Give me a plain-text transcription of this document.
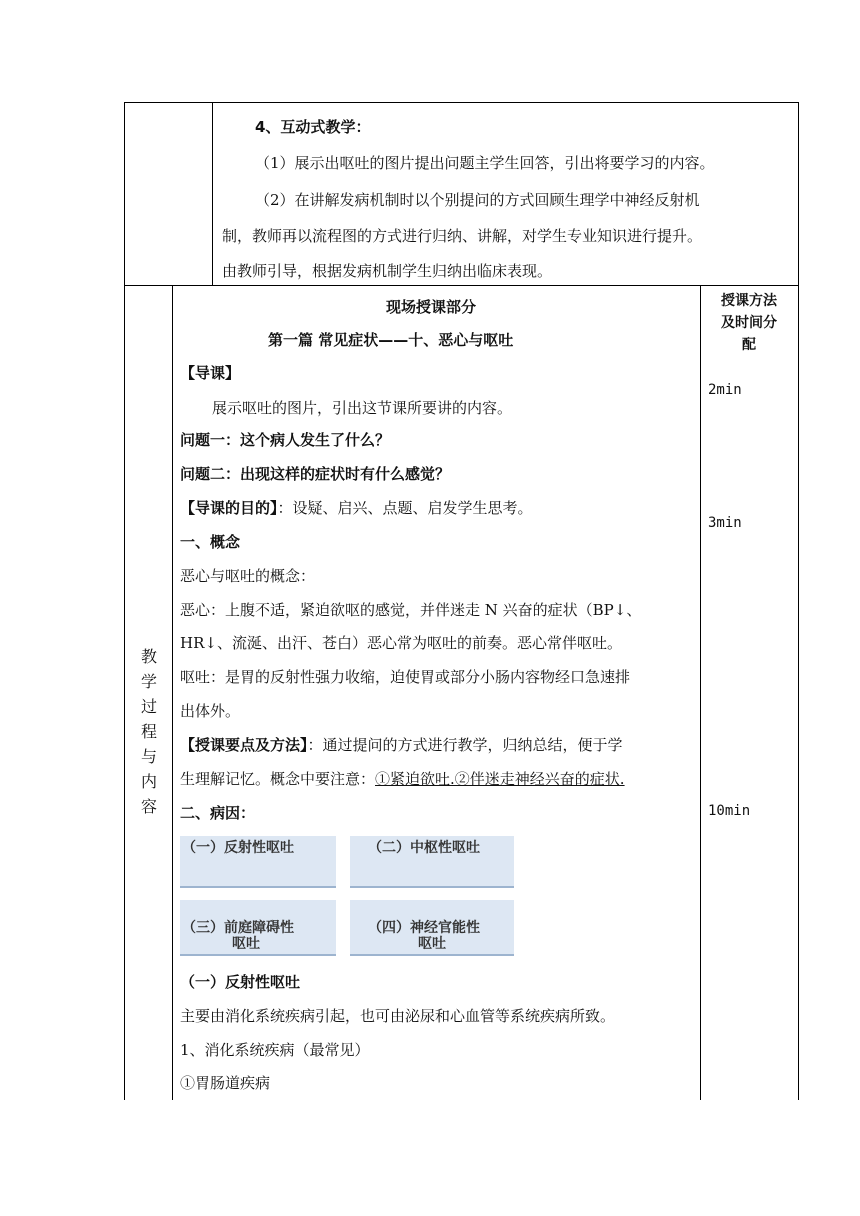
4、互动式教学：
（1）展示出呕吐的图片提出问题主学生回答，引出将要学习的内容。
（2）在讲解发病机制时以个别提问的方式回顾生理学中神经反射机
制，教师再以流程图的方式进行归纳、讲解，对学生专业知识进行提升。
由教师引导，根据发病机制学生归纳出临床表现。
教
学
过
程
与
内
容
授课方法
及时间分
配
2min
3min
10min
现场授课部分
第一篇 常见症状——十、恶心与呕吐
【导课】
展示呕吐的图片，引出这节课所要讲的内容。
问题一：这个病人发生了什么？
问题二：出现这样的症状时有什么感觉？
【导课的目的】：设疑、启兴、点题、启发学生思考。
一、概念
恶心与呕吐的概念：
恶心：上腹不适，紧迫欲呕的感觉，并伴迷走 N 兴奋的症状（BP↓、
HR↓、流涎、出汗、苍白）恶心常为呕吐的前奏。恶心常伴呕吐。
呕吐：是胃的反射性强力收缩，迫使胃或部分小肠内容物经口急速排
出体外。
【授课要点及方法】：通过提问的方式进行教学，归纳总结，便于学
生理解记忆。概念中要注意：①紧迫欲吐.②伴迷走神经兴奋的症状.
二、病因：
（一）反射性呕吐	（二）中枢性呕吐
（三）前庭障碍性
呕吐
（四）神经官能性
呕吐
（一）反射性呕吐
主要由消化系统疾病引起，也可由泌尿和心血管等系统疾病所致。
1、消化系统疾病（最常见）
①胃肠道疾病
